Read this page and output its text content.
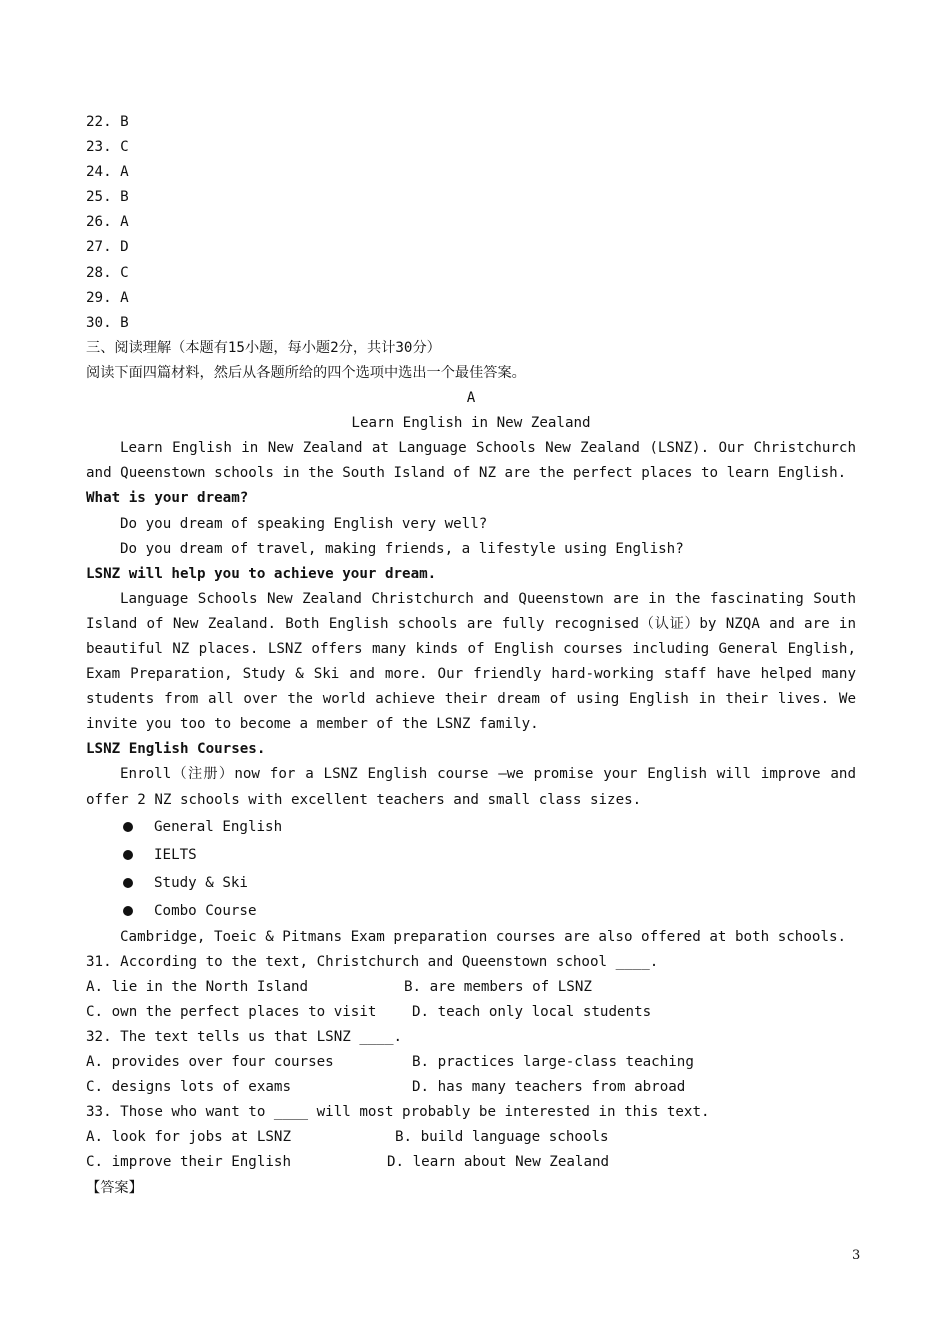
22. B
23. C
24. A
25. B
26. A
27. D
28. C
29. A
30. B
三、阅读理解（本题有15小题，每小题2分，共计30分）
阅读下面四篇材料，然后从各题所给的四个选项中选出一个最佳答案。
A
Learn English in New Zealand
Learn English in New Zealand at Language Schools New Zealand (LSNZ). Our Christchurch and Queenstown schools in the South Island of NZ are the perfect places to learn English.
What is your dream?
Do you dream of speaking English very well?
Do you dream of travel, making friends, a lifestyle using English?
LSNZ will help you to achieve your dream.
Language Schools New Zealand Christchurch and Queenstown are in the fascinating South Island of New Zealand. Both English schools are fully recognised（认证）by NZQA and are in beautiful NZ places. LSNZ offers many kinds of English courses including General English, Exam Preparation, Study & Ski and more. Our friendly hard-working staff have helped many students from all over the world achieve their dream of using English in their lives. We invite you too to become a member of the LSNZ family.
LSNZ English Courses.
Enroll（注册）now for a LSNZ English course –we promise your English will improve and offer 2 NZ schools with excellent teachers and small class sizes.
General English
IELTS
Study & Ski
Combo Course
Cambridge, Toeic & Pitmans Exam preparation courses are also offered at both schools.
31. According to the text, Christchurch and Queenstown school ____.
A. lie in the North Island	B. are members of LSNZ
C. own the perfect places to visit	D. teach only local students
32. The text tells us that LSNZ ____.
A. provides over four courses	B. practices large-class teaching
C. designs lots of exams	D. has many teachers from abroad
33. Those who want to ____ will most probably be interested in this text.
A. look for jobs at LSNZ	B. build language schools
C. improve their English	D. learn about New Zealand
【答案】
3
